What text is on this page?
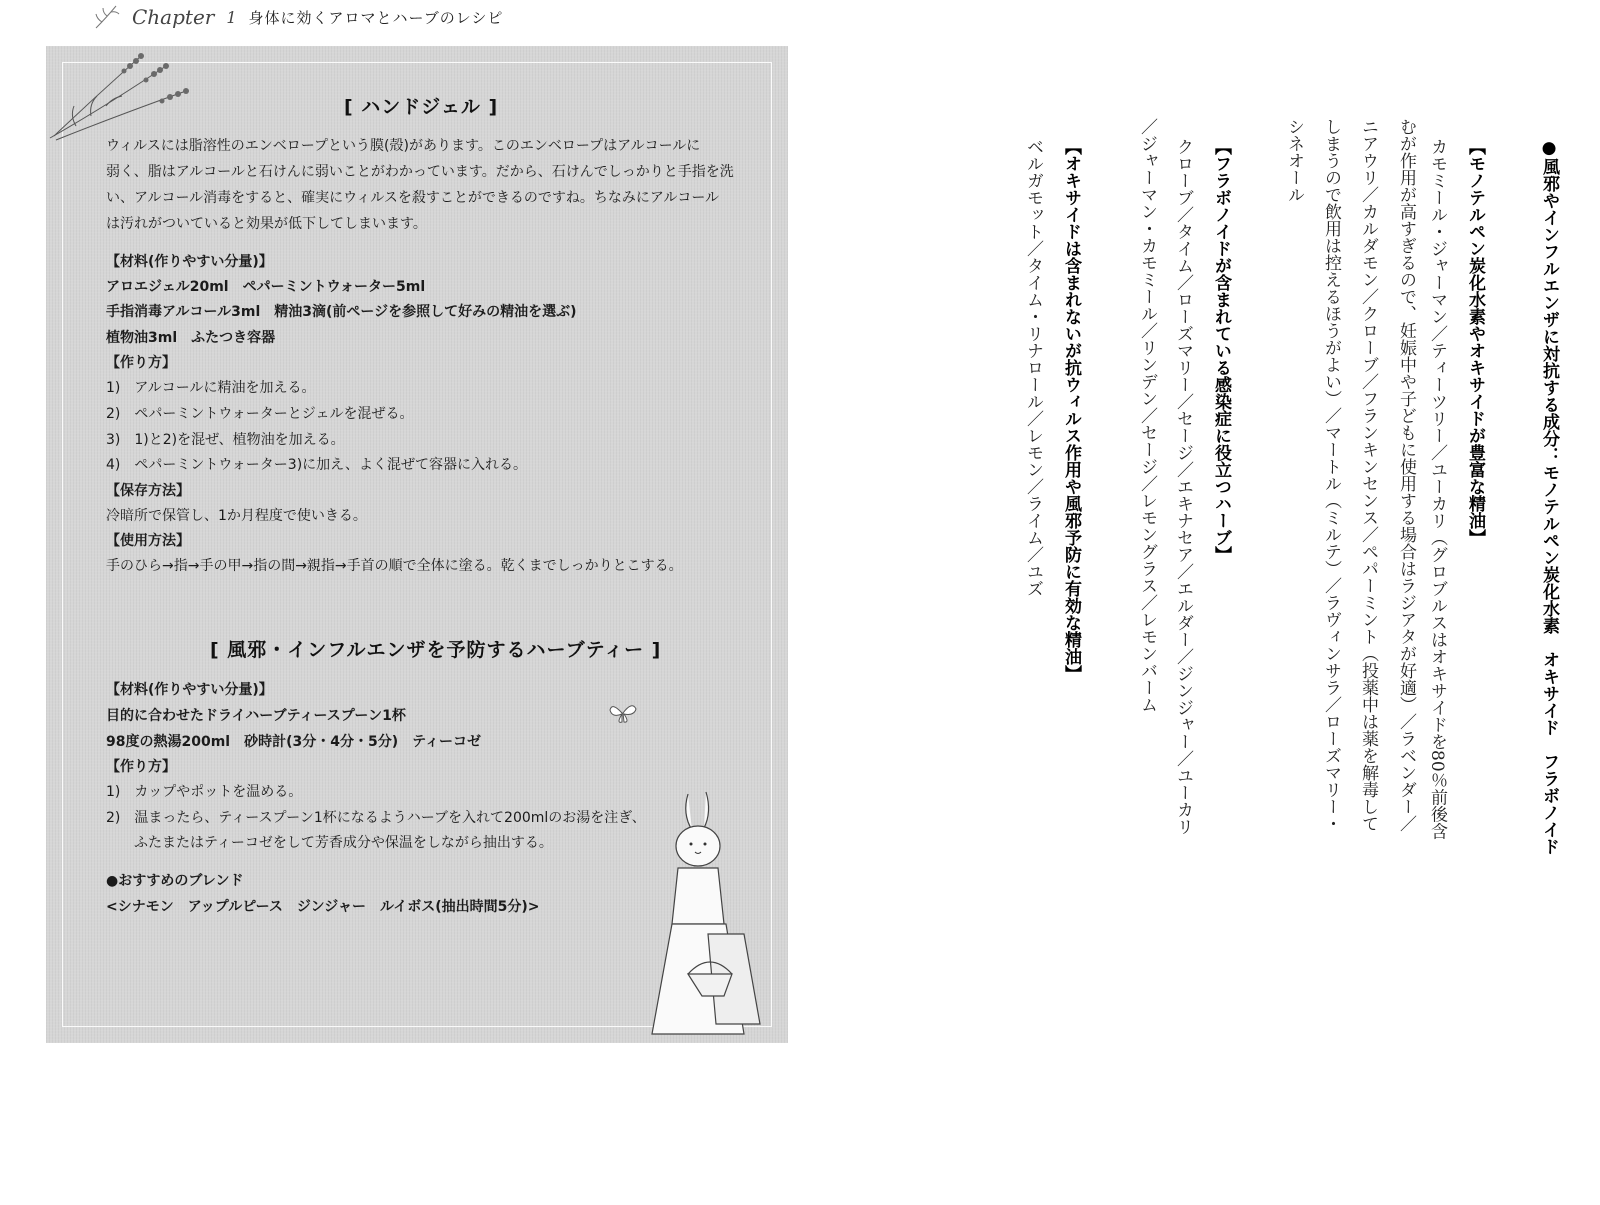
Chapter 1 身体に効くアロマとハーブのレシピ
[ ハンドジェル ]
ウィルスには脂溶性のエンベロープという膜(殻)があります。このエンベロープはアルコールに
弱く、脂はアルコールと石けんに弱いことがわかっています。だから、石けんでしっかりと手指を洗
い、アルコール消毒をすると、確実にウィルスを殺すことができるのですね。ちなみにアルコール
は汚れがついていると効果が低下してしまいます。
【材料(作りやすい分量)】
アロエジェル20ml　ペパーミントウォーター5ml
手指消毒アルコール3ml　精油3滴(前ページを参照して好みの精油を選ぶ)
植物油3ml　ふたつき容器
【作り方】
1)　アルコールに精油を加える。
2)　ペパーミントウォーターとジェルを混ぜる。
3)　1)と2)を混ぜ、植物油を加える。
4)　ペパーミントウォーター3)に加え、よく混ぜて容器に入れる。
【保存方法】
冷暗所で保管し、1か月程度で使いきる。
【使用方法】
手のひら→指→手の甲→指の間→親指→手首の順で全体に塗る。乾くまでしっかりとこする。
[ 風邪・インフルエンザを予防するハーブティー ]
【材料(作りやすい分量)】
目的に合わせたドライハーブティースプーン1杯
98度の熱湯200ml　砂時計(3分・4分・5分)　ティーコゼ
【作り方】
1)　カップやポットを温める。
2)　温まったら、ティースプーン1杯になるようハーブを入れて200mlのお湯を注ぎ、
　　ふたまたはティーコゼをして芳香成分や保温をしながら抽出する。
●おすすめのブレンド
<シナモン　アップルピース　ジンジャー　ルイボス(抽出時間5分)>
●風邪やインフルエンザに対抗する成分：モノテルペン炭化水素　オキサイド　フラボノイド
【モノテルペン炭化水素やオキサイドが豊富な精油】
カモミール・ジャーマン／ティーツリー／ユーカリ（グロブルスはオキサイドを80％前後含
むが作用が高すぎるので、妊娠中や子どもに使用する場合はラジアタが好適）／ラベンダー／
ニアウリ／カルダモン／クローブ／フランキンセンス／ペパーミント（投薬中は薬を解毒して
しまうので飲用は控えるほうがよい）／マートル（ミルテ）／ラヴィンサラ／ローズマリー・
シネオール
【フラボノイドが含まれている感染症に役立つハーブ】
クローブ／タイム／ローズマリー／セージ／エキナセア／エルダー／ジンジャー／ユーカリ
／ジャーマン・カモミール／リンデン／セージ／レモングラス／レモンバーム
【オキサイドは含まれないが抗ウィルス作用や風邪予防に有効な精油】
ベルガモット／タイム・リナロール／レモン／ライム／ユズ
